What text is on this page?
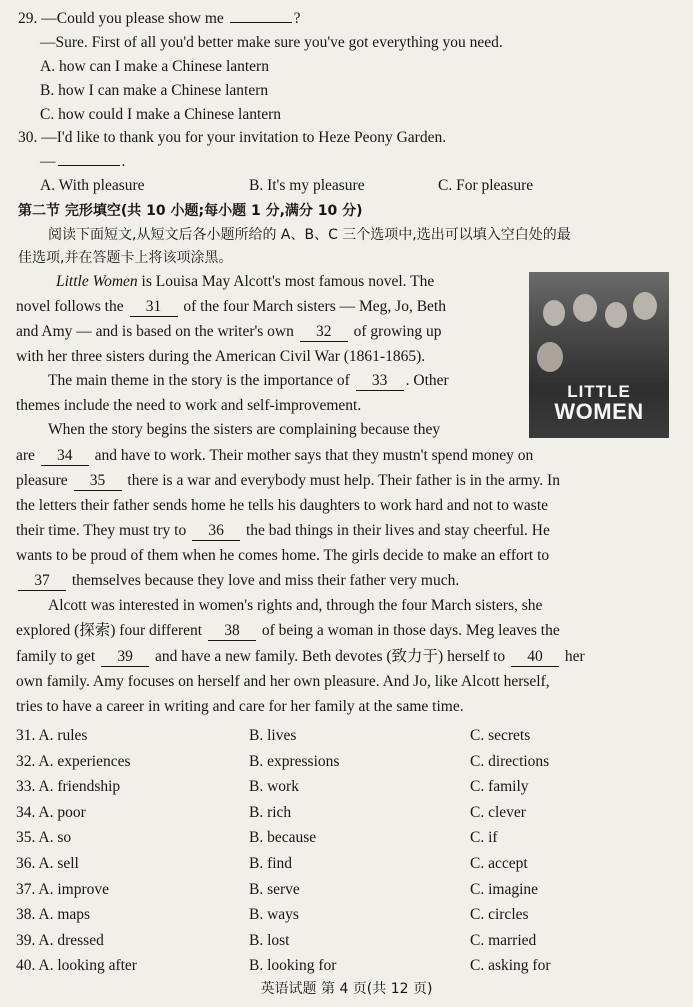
29. —Could you please show me	?
—Sure. First of all you'd better make sure you've got everything you need.
A. how can I make a Chinese lantern
B. how I can make a Chinese lantern
C. how could I make a Chinese lantern
30. —I'd like to thank you for your invitation to Heze Peony Garden.
—	.
A. With pleasure	B. It's my pleasure	C. For pleasure
第二节 完形填空(共 10 小题;每小题 1 分,满分 10 分)
阅读下面短文,从短文后各小题所给的 A、B、C 三个选项中,选出可以填入空白处的最
佳选项,并在答题卡上将该项涂黑。
LITTLE
WOMEN
Little Women is Louisa May Alcott's most famous novel. The
novel follows the 31 of the four March sisters — Meg, Jo, Beth
and Amy — and is based on the writer's own 32 of growing up
with her three sisters during the American Civil War (1861-1865).
The main theme in the story is the importance of 33 . Other
themes include the need to work and self-improvement.
When the story begins the sisters are complaining because they
are 34 and have to work. Their mother says that they mustn't spend money on
pleasure 35 there is a war and everybody must help. Their father is in the army. In
the letters their father sends home he tells his daughters to work hard and not to waste
their time. They must try to 36 the bad things in their lives and stay cheerful. He
wants to be proud of them when he comes home. The girls decide to make an effort to
37 themselves because they love and miss their father very much.
Alcott was interested in women's rights and, through the four March sisters, she
explored (探索) four different 38 of being a woman in those days. Meg leaves the
family to get 39 and have a new family. Beth devotes (致力于) herself to 40 her
own family. Amy focuses on herself and her own pleasure. And Jo, like Alcott herself,
tries to have a career in writing and care for her family at the same time.
31. A. rules	B. lives	C. secrets
32. A. experiences	B. expressions	C. directions
33. A. friendship	B. work	C. family
34. A. poor	B. rich	C. clever
35. A. so	B. because	C. if
36. A. sell	B. find	C. accept
37. A. improve	B. serve	C. imagine
38. A. maps	B. ways	C. circles
39. A. dressed	B. lost	C. married
40. A. looking after	B. looking for	C. asking for
英语试题 第 4 页(共 12 页)
